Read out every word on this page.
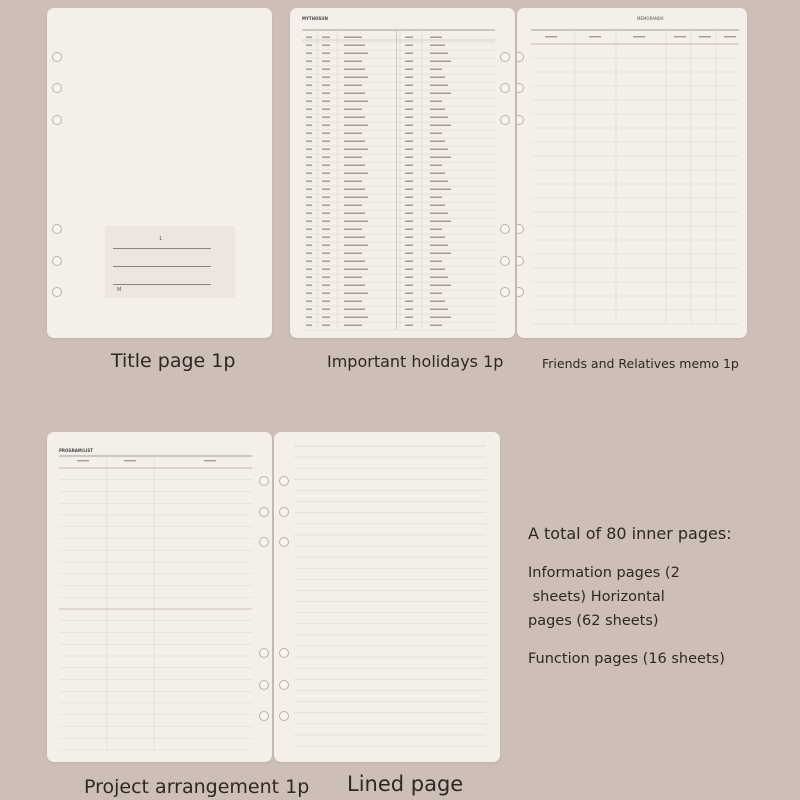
1
M
MYTHOSUN	MEMORANDA
PROGRAM/LIST
Title page 1p	Important holidays 1p	Friends and Relatives memo 1p
Project arrangement 1p Lined page
A total of 80 inner pages:
Information pages (2
sheets) Horizontal
pages (62 sheets)
Function pages (16 sheets)
